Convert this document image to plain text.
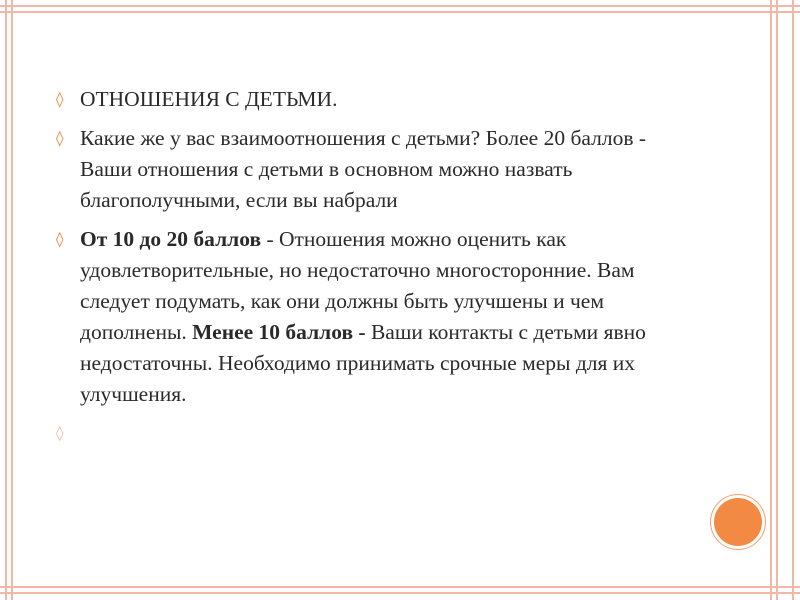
◊ ОТНОШЕНИЯ С ДЕТЬМИ.

◊ Какие же у вас взаимоотношения с детьми? Более 20 баллов - Ваши отношения с детьми в основном можно назвать благополучными, если вы набрали

◊ От 10 до 20 баллов - Отношения можно оценить как удовлетворительные, но недостаточно многосторонние. Вам следует подумать, как они должны быть улучшены и чем дополнены. Менее 10 баллов - Ваши контакты с детьми явно недостаточны. Необходимо принимать срочные меры для их улучшения.

◊
